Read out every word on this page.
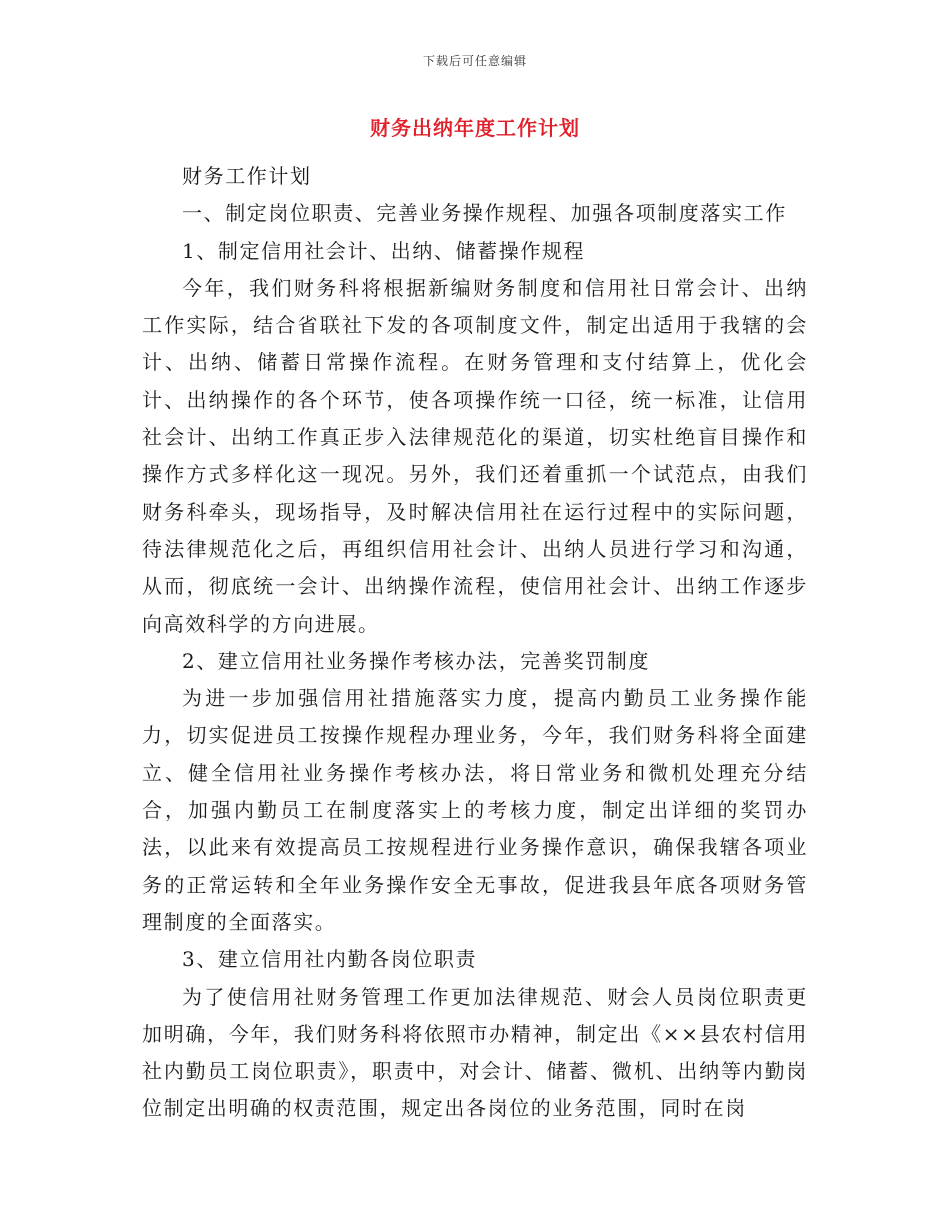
下载后可任意编辑
财务出纳年度工作计划

财务工作计划

一、制定岗位职责、完善业务操作规程、加强各项制度落实工作

1、制定信用社会计、出纳、储蓄操作规程

今年，我们财务科将根据新编财务制度和信用社日常会计、出纳工作实际，结合省联社下发的各项制度文件，制定出适用于我辖的会计、出纳、储蓄日常操作流程。在财务管理和支付结算上，优化会计、出纳操作的各个环节，使各项操作统一口径，统一标准，让信用社会计、出纳工作真正步入法律规范化的渠道，切实杜绝盲目操作和操作方式多样化这一现况。另外，我们还着重抓一个试范点，由我们财务科牵头，现场指导，及时解决信用社在运行过程中的实际问题，待法律规范化之后，再组织信用社会计、出纳人员进行学习和沟通，从而，彻底统一会计、出纳操作流程，使信用社会计、出纳工作逐步向高效科学的方向进展。

2、建立信用社业务操作考核办法，完善奖罚制度

为进一步加强信用社措施落实力度，提高内勤员工业务操作能力，切实促进员工按操作规程办理业务，今年，我们财务科将全面建立、健全信用社业务操作考核办法，将日常业务和微机处理充分结合，加强内勤员工在制度落实上的考核力度，制定出详细的奖罚办法，以此来有效提高员工按规程进行业务操作意识，确保我辖各项业务的正常运转和全年业务操作安全无事故，促进我县年底各项财务管理制度的全面落实。

3、建立信用社内勤各岗位职责

为了使信用社财务管理工作更加法律规范、财会人员岗位职责更加明确，今年，我们财务科将依照市办精神，制定出《××县农村信用社内勤员工岗位职责》，职责中，对会计、储蓄、微机、出纳等内勤岗位制定出明确的权责范围，规定出各岗位的业务范围，同时在岗
